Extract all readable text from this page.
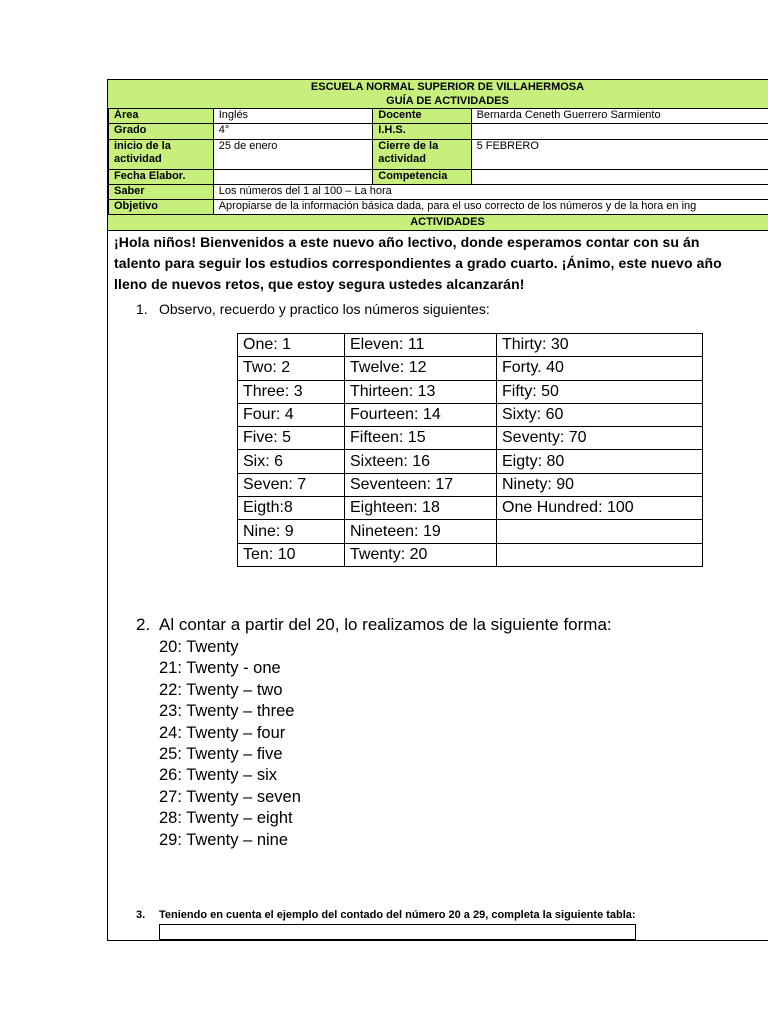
ESCUELA NORMAL SUPERIOR DE VILLAHERMOSA
GUÍA DE ACTIVIDADES
Área	Inglés	Docente	Bernarda Ceneth Guerrero Sarmiento
Grado	4°	I.H.S.	
inicio de la actividad	25 de enero	Cierre de la actividad	5 FEBRERO
Fecha Elabor.		Competencia	
Saber	Los números del 1 al 100 – La hora		
Objetivo	Apropiarse de la información básica dada, para el uso correcto de los números y de la hora en ing		
ACTIVIDADES
¡Hola niños! Bienvenidos a este nuevo año lectivo, donde esperamos contar con su án
talento para seguir los estudios correspondientes a grado cuarto. ¡Ánimo, este nuevo año
lleno de nuevos retos, que estoy segura ustedes alcanzarán!
1. Observo, recuerdo y practico los números siguientes:
One: 1	Eleven: 11	Thirty: 30
Two: 2	Twelve: 12	Forty. 40
Three: 3	Thirteen: 13	Fifty: 50
Four: 4	Fourteen: 14	Sixty: 60
Five: 5	Fifteen: 15	Seventy: 70
Six: 6	Sixteen: 16	Eigty: 80
Seven: 7	Seventeen: 17	Ninety: 90
Eigth:8	Eighteen: 18	One Hundred: 100
Nine: 9	Nineteen: 19	
Ten: 10	Twenty: 20	
2. Al contar a partir del 20, lo realizamos de la siguiente forma:
20: Twenty
21: Twenty - one
22: Twenty – two
23: Twenty – three
24: Twenty – four
25: Twenty – five
26: Twenty – six
27: Twenty – seven
28: Twenty – eight
29: Twenty – nine
3. Teniendo en cuenta el ejemplo del contado del número 20 a 29, completa la siguiente tabla:
